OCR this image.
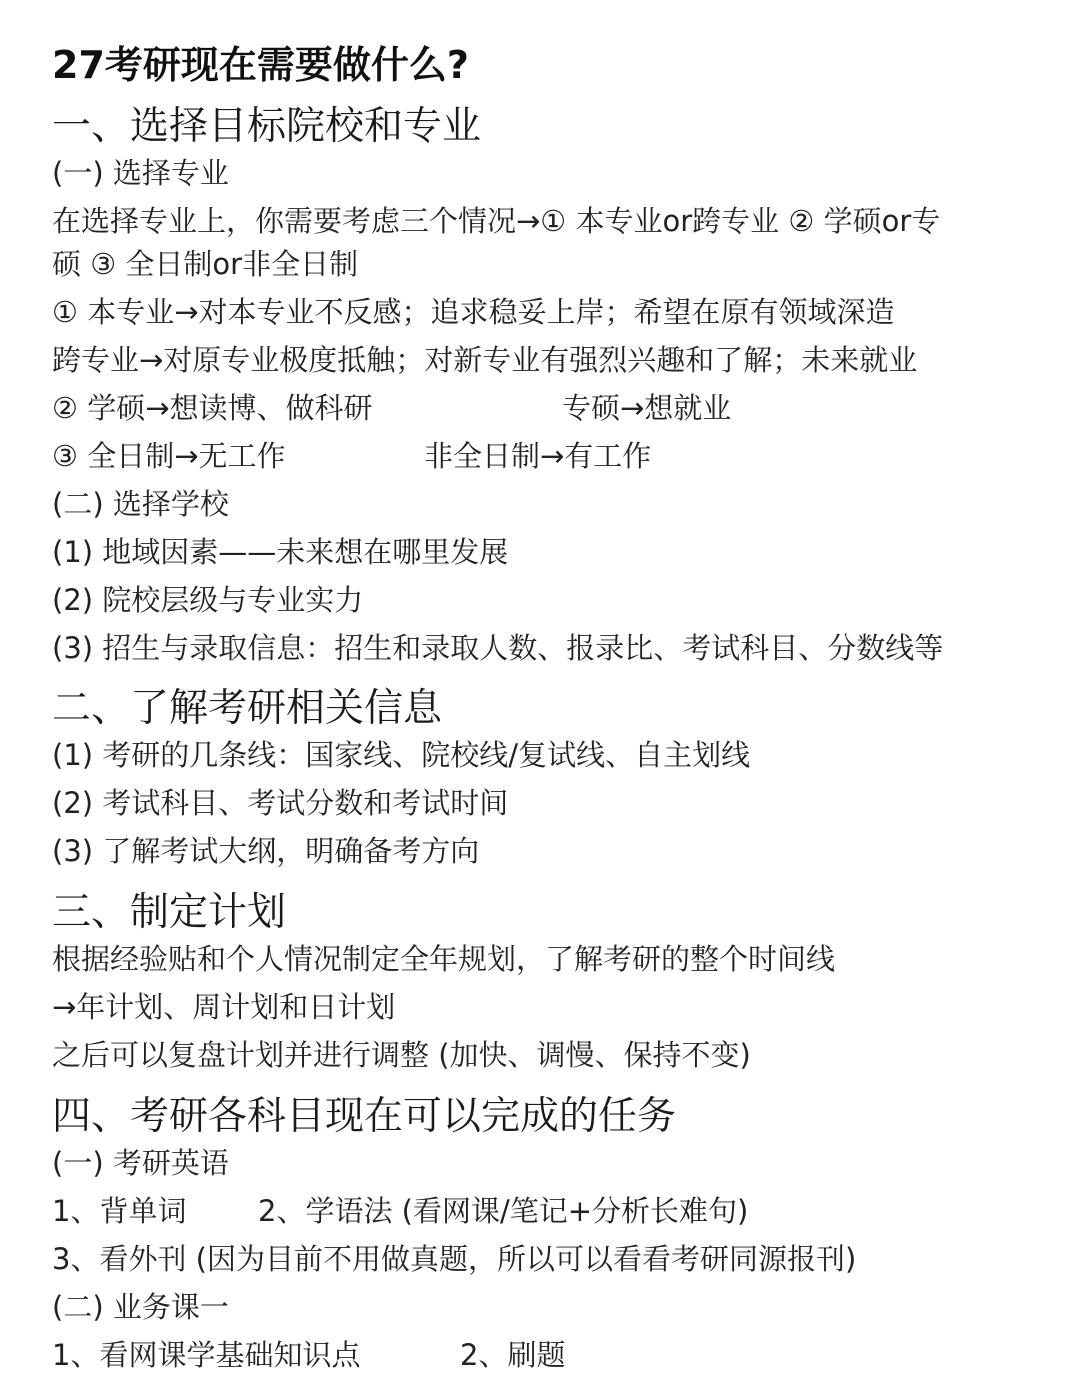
27考研现在需要做什么?
一、选择目标院校和专业
(一) 选择专业
在选择专业上，你需要考虑三个情况→① 本专业or跨专业 ② 学硕or专
硕 ③ 全日制or非全日制
① 本专业→对本专业不反感；追求稳妥上岸；希望在原有领域深造
跨专业→对原专业极度抵触；对新专业有强烈兴趣和了解；未来就业
② 学硕→想读博、做科研	专硕→想就业
③ 全日制→无工作	非全日制→有工作
(二) 选择学校
(1) 地域因素——未来想在哪里发展
(2) 院校层级与专业实力
(3) 招生与录取信息：招生和录取人数、报录比、考试科目、分数线等
二、了解考研相关信息
(1) 考研的几条线：国家线、院校线/复试线、自主划线
(2) 考试科目、考试分数和考试时间
(3) 了解考试大纲，明确备考方向
三、制定计划
根据经验贴和个人情况制定全年规划，了解考研的整个时间线
→年计划、周计划和日计划
之后可以复盘计划并进行调整 (加快、调慢、保持不变)
四、考研各科目现在可以完成的任务
(一) 考研英语
1、背单词 2、学语法 (看网课/笔记+分析长难句)
3、看外刊 (因为目前不用做真题，所以可以看看考研同源报刊)
(二) 业务课一
1、看网课学基础知识点	2、刷题
